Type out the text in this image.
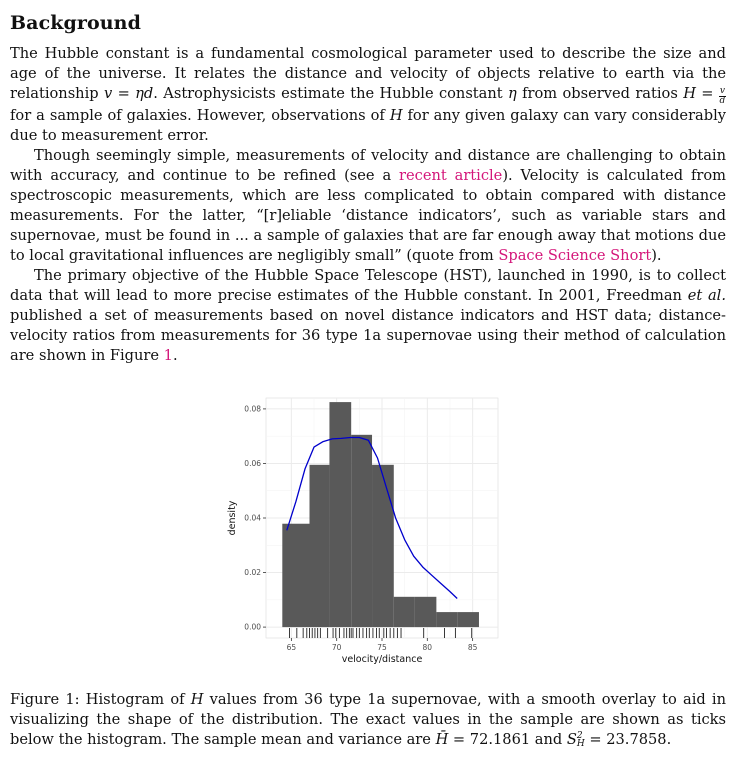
Background

The Hubble constant is a fundamental cosmological parameter used to describe the size and age of the universe. It relates the distance and velocity of objects relative to earth via the relationship v = ηd. Astrophysicists estimate the Hubble constant η from observed ratios $H = \frac{v}{d}$
for a sample of galaxies. However, observations of H for any given galaxy can vary considerably due to measurement error.

Though seemingly simple, measurements of velocity and distance are challenging to obtain with accuracy, and continue to be refined (see a recent article). Velocity is calculated from spectroscopic measurements, which are less complicated to obtain compared with distance measurements. For the latter, “[r]eliable ‘distance indicators’, such as variable stars and supernovae, must be found in ... a sample of galaxies that are far enough away that motions due to local gravitational influences are negligibly small” (quote from Space Science Short).

The primary objective of the Hubble Space Telescope (HST), launched in 1990, is to collect data that will lead to more precise estimates of the Hubble constant. In 2001, Freedman et al. published a set of measurements based on novel distance indicators and HST data; distance-velocity ratios from measurements for 36 type 1a supernovae using their method of calculation are shown in Figure 1.

65	70	75	80	85
0.00
0.02
0.04
0.06
0.08
velocity/distance
density
Figure 1: Histogram of H values from 36 type 1a supernovae, with a smooth overlay to aid in visualizing the shape of the distribution. The exact values in the sample are shown as ticks below the histogram. The sample mean and variance are H̄ = 72.1861 and S 2
H = 23.7858.
